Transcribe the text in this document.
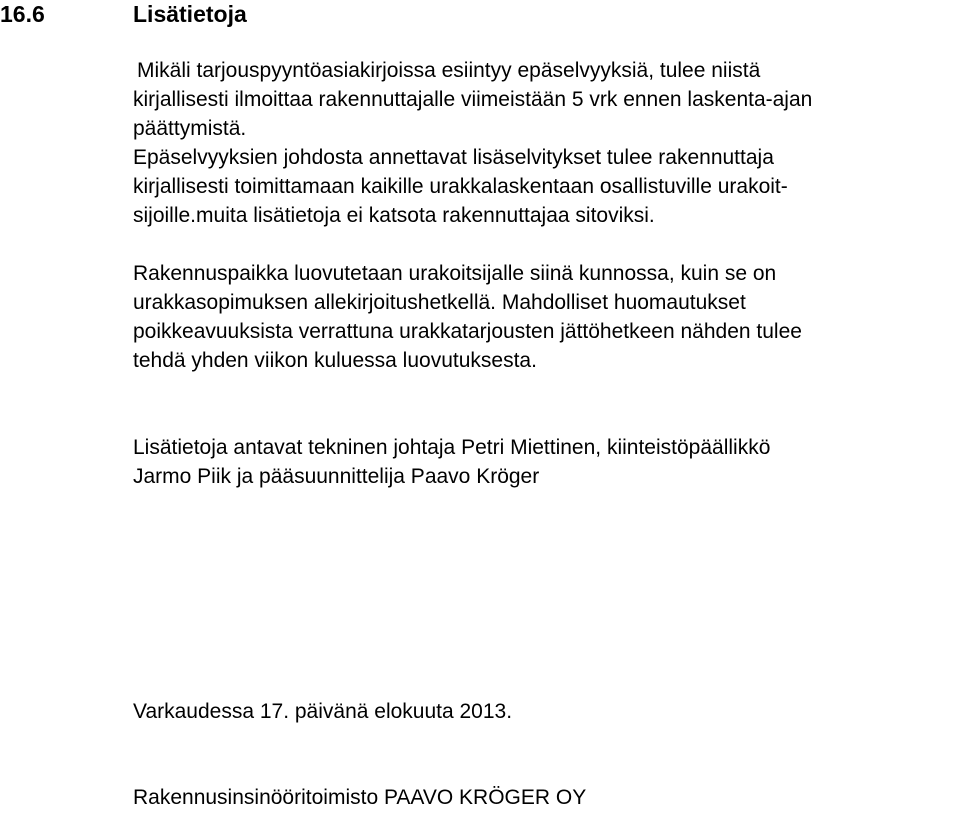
16.6	Lisätietoja
Mikäli tarjouspyyntöasiakirjoissa esiintyy epäselvyyksiä, tulee niistä
kirjallisesti ilmoittaa rakennuttajalle viimeistään 5 vrk ennen laskenta-ajan
päättymistä.
Epäselvyyksien johdosta annettavat lisäselvitykset tulee rakennuttaja
kirjallisesti toimittamaan kaikille urakkalaskentaan osallistuville urakoit-
sijoille.muita lisätietoja ei katsota rakennuttajaa sitoviksi.
Rakennuspaikka luovutetaan urakoitsijalle siinä kunnossa, kuin se on
urakkasopimuksen allekirjoitushetkellä. Mahdolliset huomautukset
poikkeavuuksista verrattuna urakkatarjousten jättöhetkeen nähden tulee
tehdä yhden viikon kuluessa luovutuksesta.
Lisätietoja antavat tekninen johtaja Petri Miettinen, kiinteistöpäällikkö
Jarmo Piik ja pääsuunnittelija Paavo Kröger
Varkaudessa 17. päivänä elokuuta 2013.
Rakennusinsinööritoimisto PAAVO KRÖGER OY
